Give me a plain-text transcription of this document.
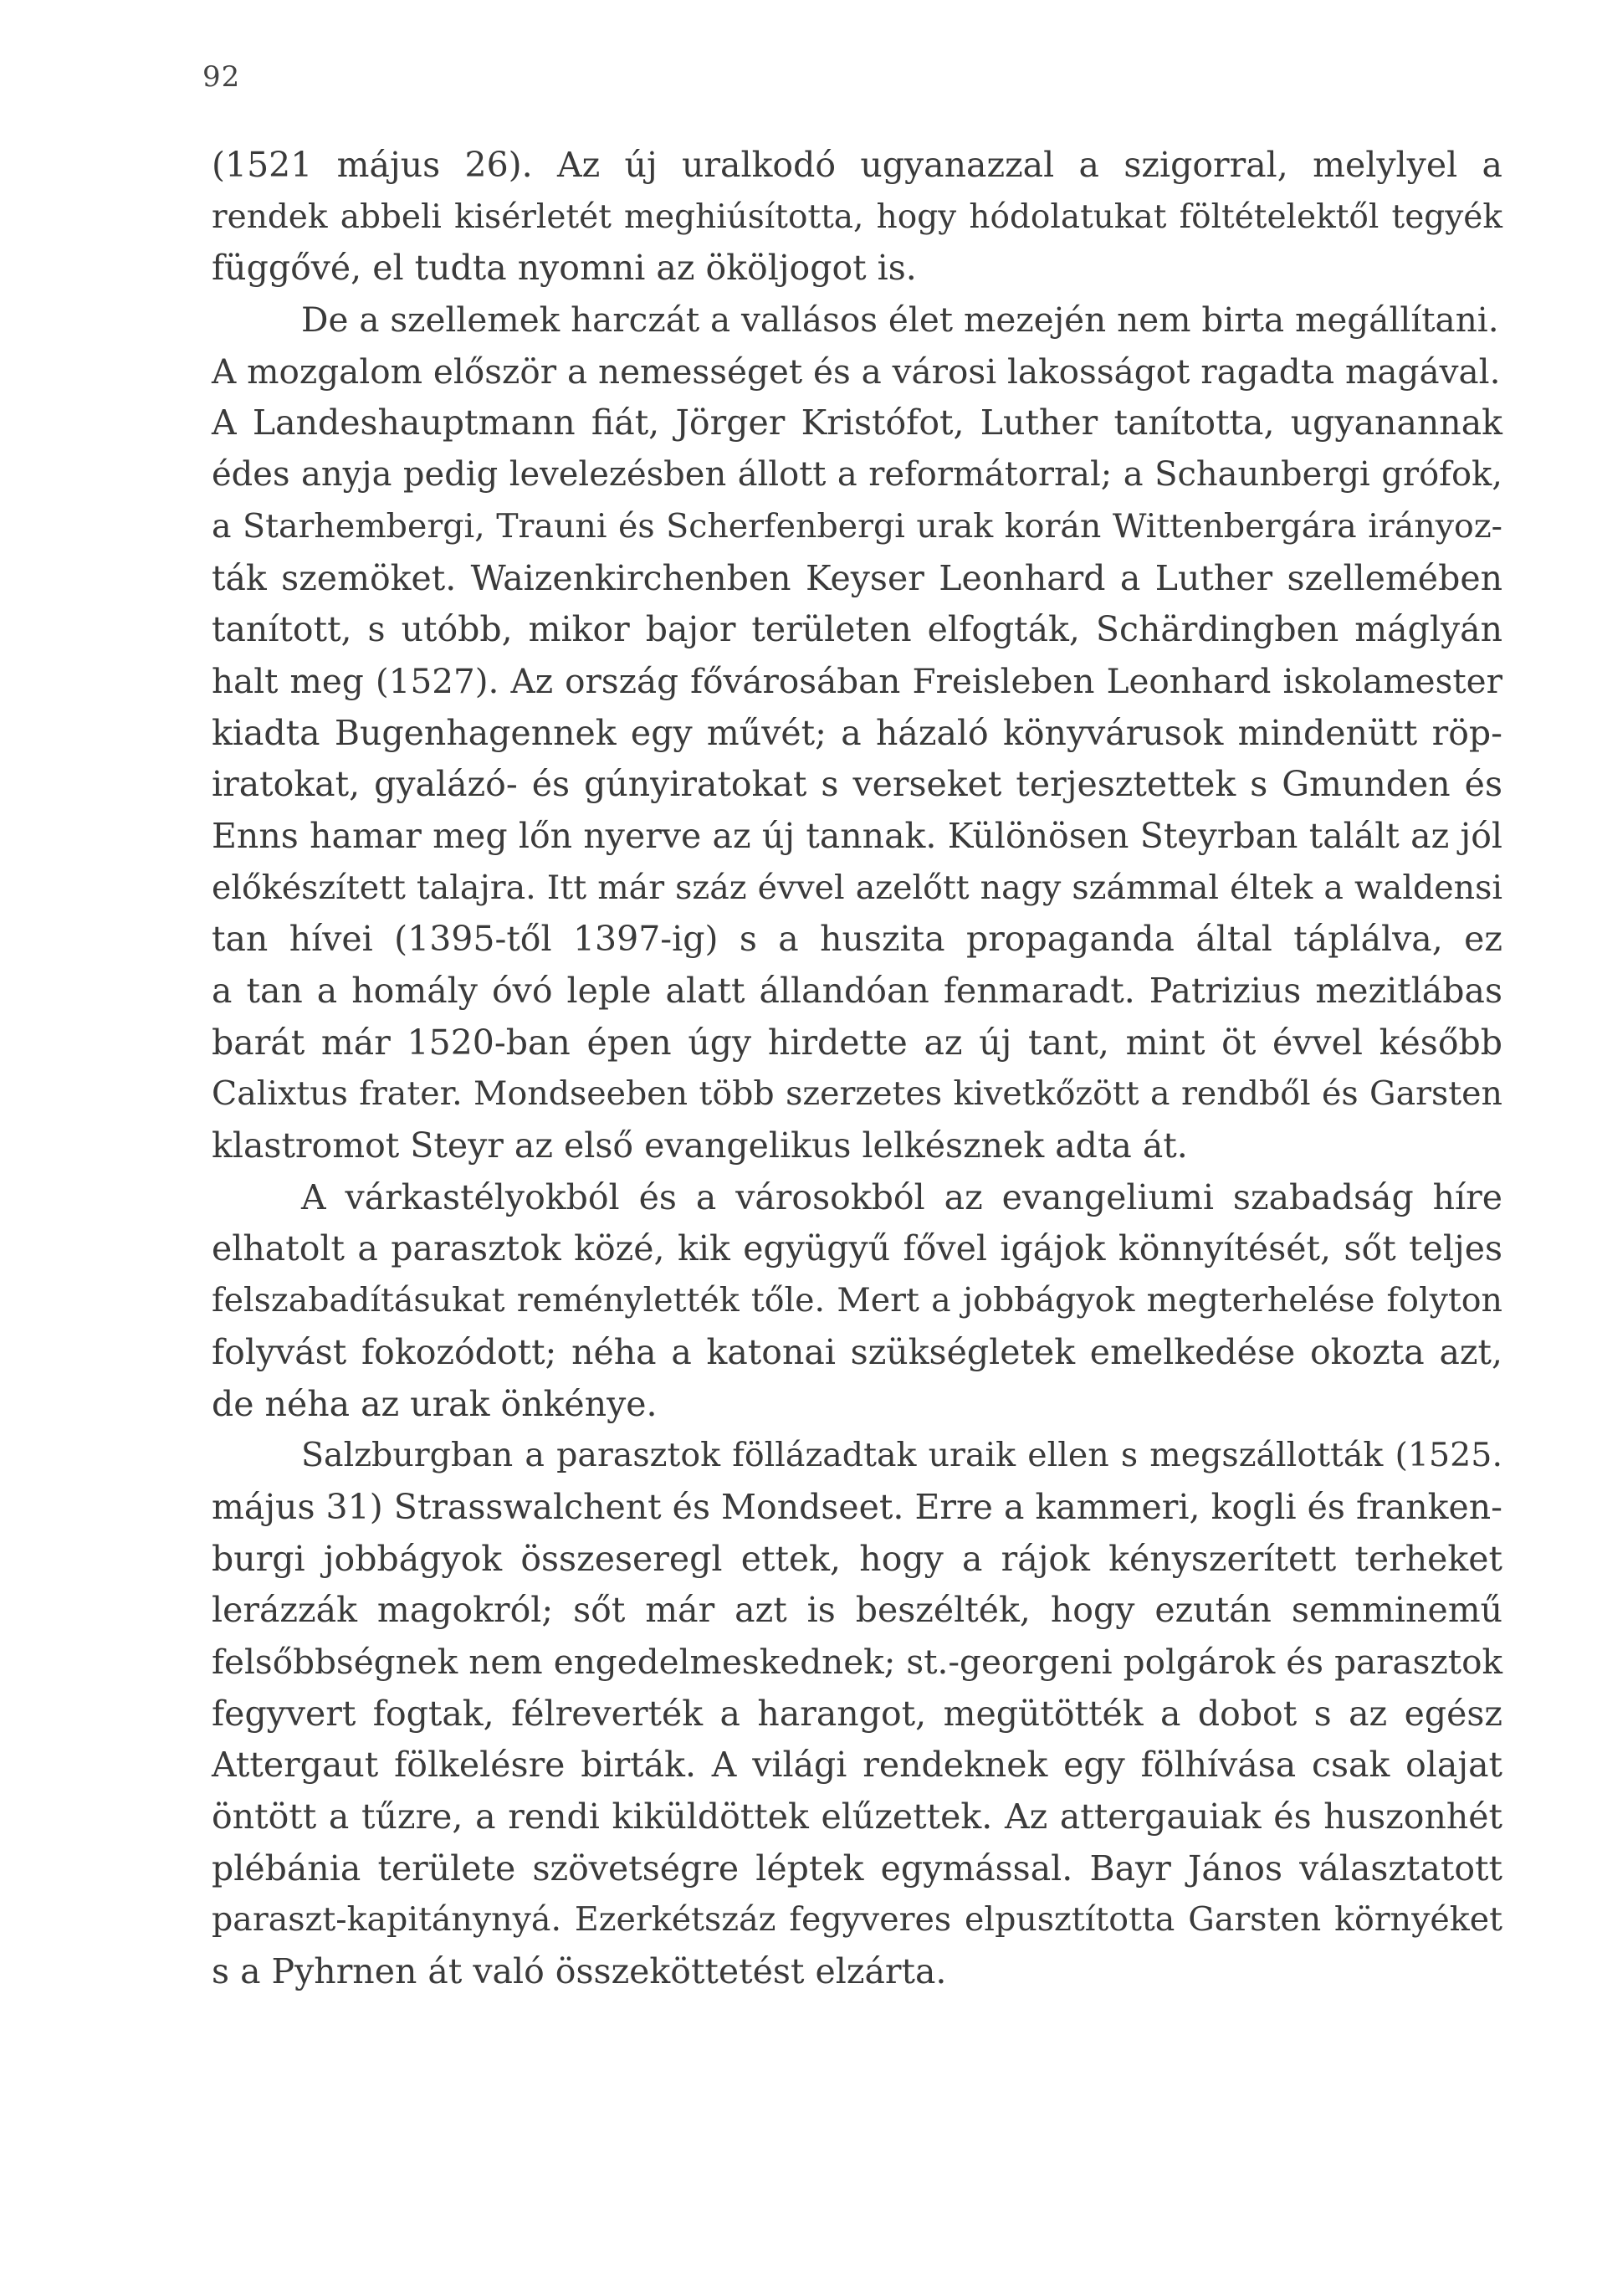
92
(1521 május 26). Az új uralkodó ugyanazzal a szigorral, melylyel a
rendek abbeli kisérletét meghiúsította, hogy hódolatukat föltételektől tegyék
függővé, el tudta nyomni az ököljogot is.
De a szellemek harczát a vallásos élet mezején nem birta megállítani.
A mozgalom először a nemességet és a városi lakosságot ragadta magával.
A Landeshauptmann fiát, Jörger Kristófot, Luther tanította, ugyanannak
édes anyja pedig levelezésben állott a reformátorral; a Schaunbergi grófok,
a Starhembergi, Trauni és Scherfenbergi urak korán Wittenbergára irányoz-
ták szemöket. Waizenkirchenben Keyser Leonhard a Luther szellemében
tanított, s utóbb, mikor bajor területen elfogták, Schärdingben máglyán
halt meg (1527). Az ország fővárosában Freisleben Leonhard iskolamester
kiadta Bugenhagennek egy művét; a házaló könyvárusok mindenütt röp-
iratokat, gyalázó- és gúnyiratokat s verseket terjesztettek s Gmunden és
Enns hamar meg lőn nyerve az új tannak. Különösen Steyrban talált az jól
előkészített talajra. Itt már száz évvel azelőtt nagy számmal éltek a waldensi
tan hívei (1395-től 1397-ig) s a huszita propaganda által táplálva, ez
a tan a homály óvó leple alatt állandóan fenmaradt. Patrizius mezitlábas
barát már 1520-ban épen úgy hirdette az új tant, mint öt évvel később
Calixtus frater. Mondseeben több szerzetes kivetkőzött a rendből és Garsten
klastromot Steyr az első evangelikus lelkésznek adta át.
A várkastélyokból és a városokból az evangeliumi szabadság híre
elhatolt a parasztok közé, kik együgyű fővel igájok könnyítését, sőt teljes
felszabadításukat reménylették tőle. Mert a jobbágyok megterhelése folyton
folyvást fokozódott; néha a katonai szükségletek emelkedése okozta azt,
de néha az urak önkénye.
Salzburgban a parasztok föllázadtak uraik ellen s megszállották (1525.
május 31) Strasswalchent és Mondseet. Erre a kammeri, kogli és franken-
burgi jobbágyok összeseregl ettek, hogy a rájok kényszerített terheket
lerázzák magokról; sőt már azt is beszélték, hogy ezután semminemű
felsőbbségnek nem engedelmeskednek; st.-georgeni polgárok és parasztok
fegyvert fogtak, félreverték a harangot, megütötték a dobot s az egész
Attergaut fölkelésre birták. A világi rendeknek egy fölhívása csak olajat
öntött a tűzre, a rendi kiküldöttek elűzettek. Az attergauiak és huszonhét
plébánia területe szövetségre léptek egymással. Bayr János választatott
paraszt-kapitánynyá. Ezerkétszáz fegyveres elpusztította Garsten környéket
s a Pyhrnen át való összeköttetést elzárta.
